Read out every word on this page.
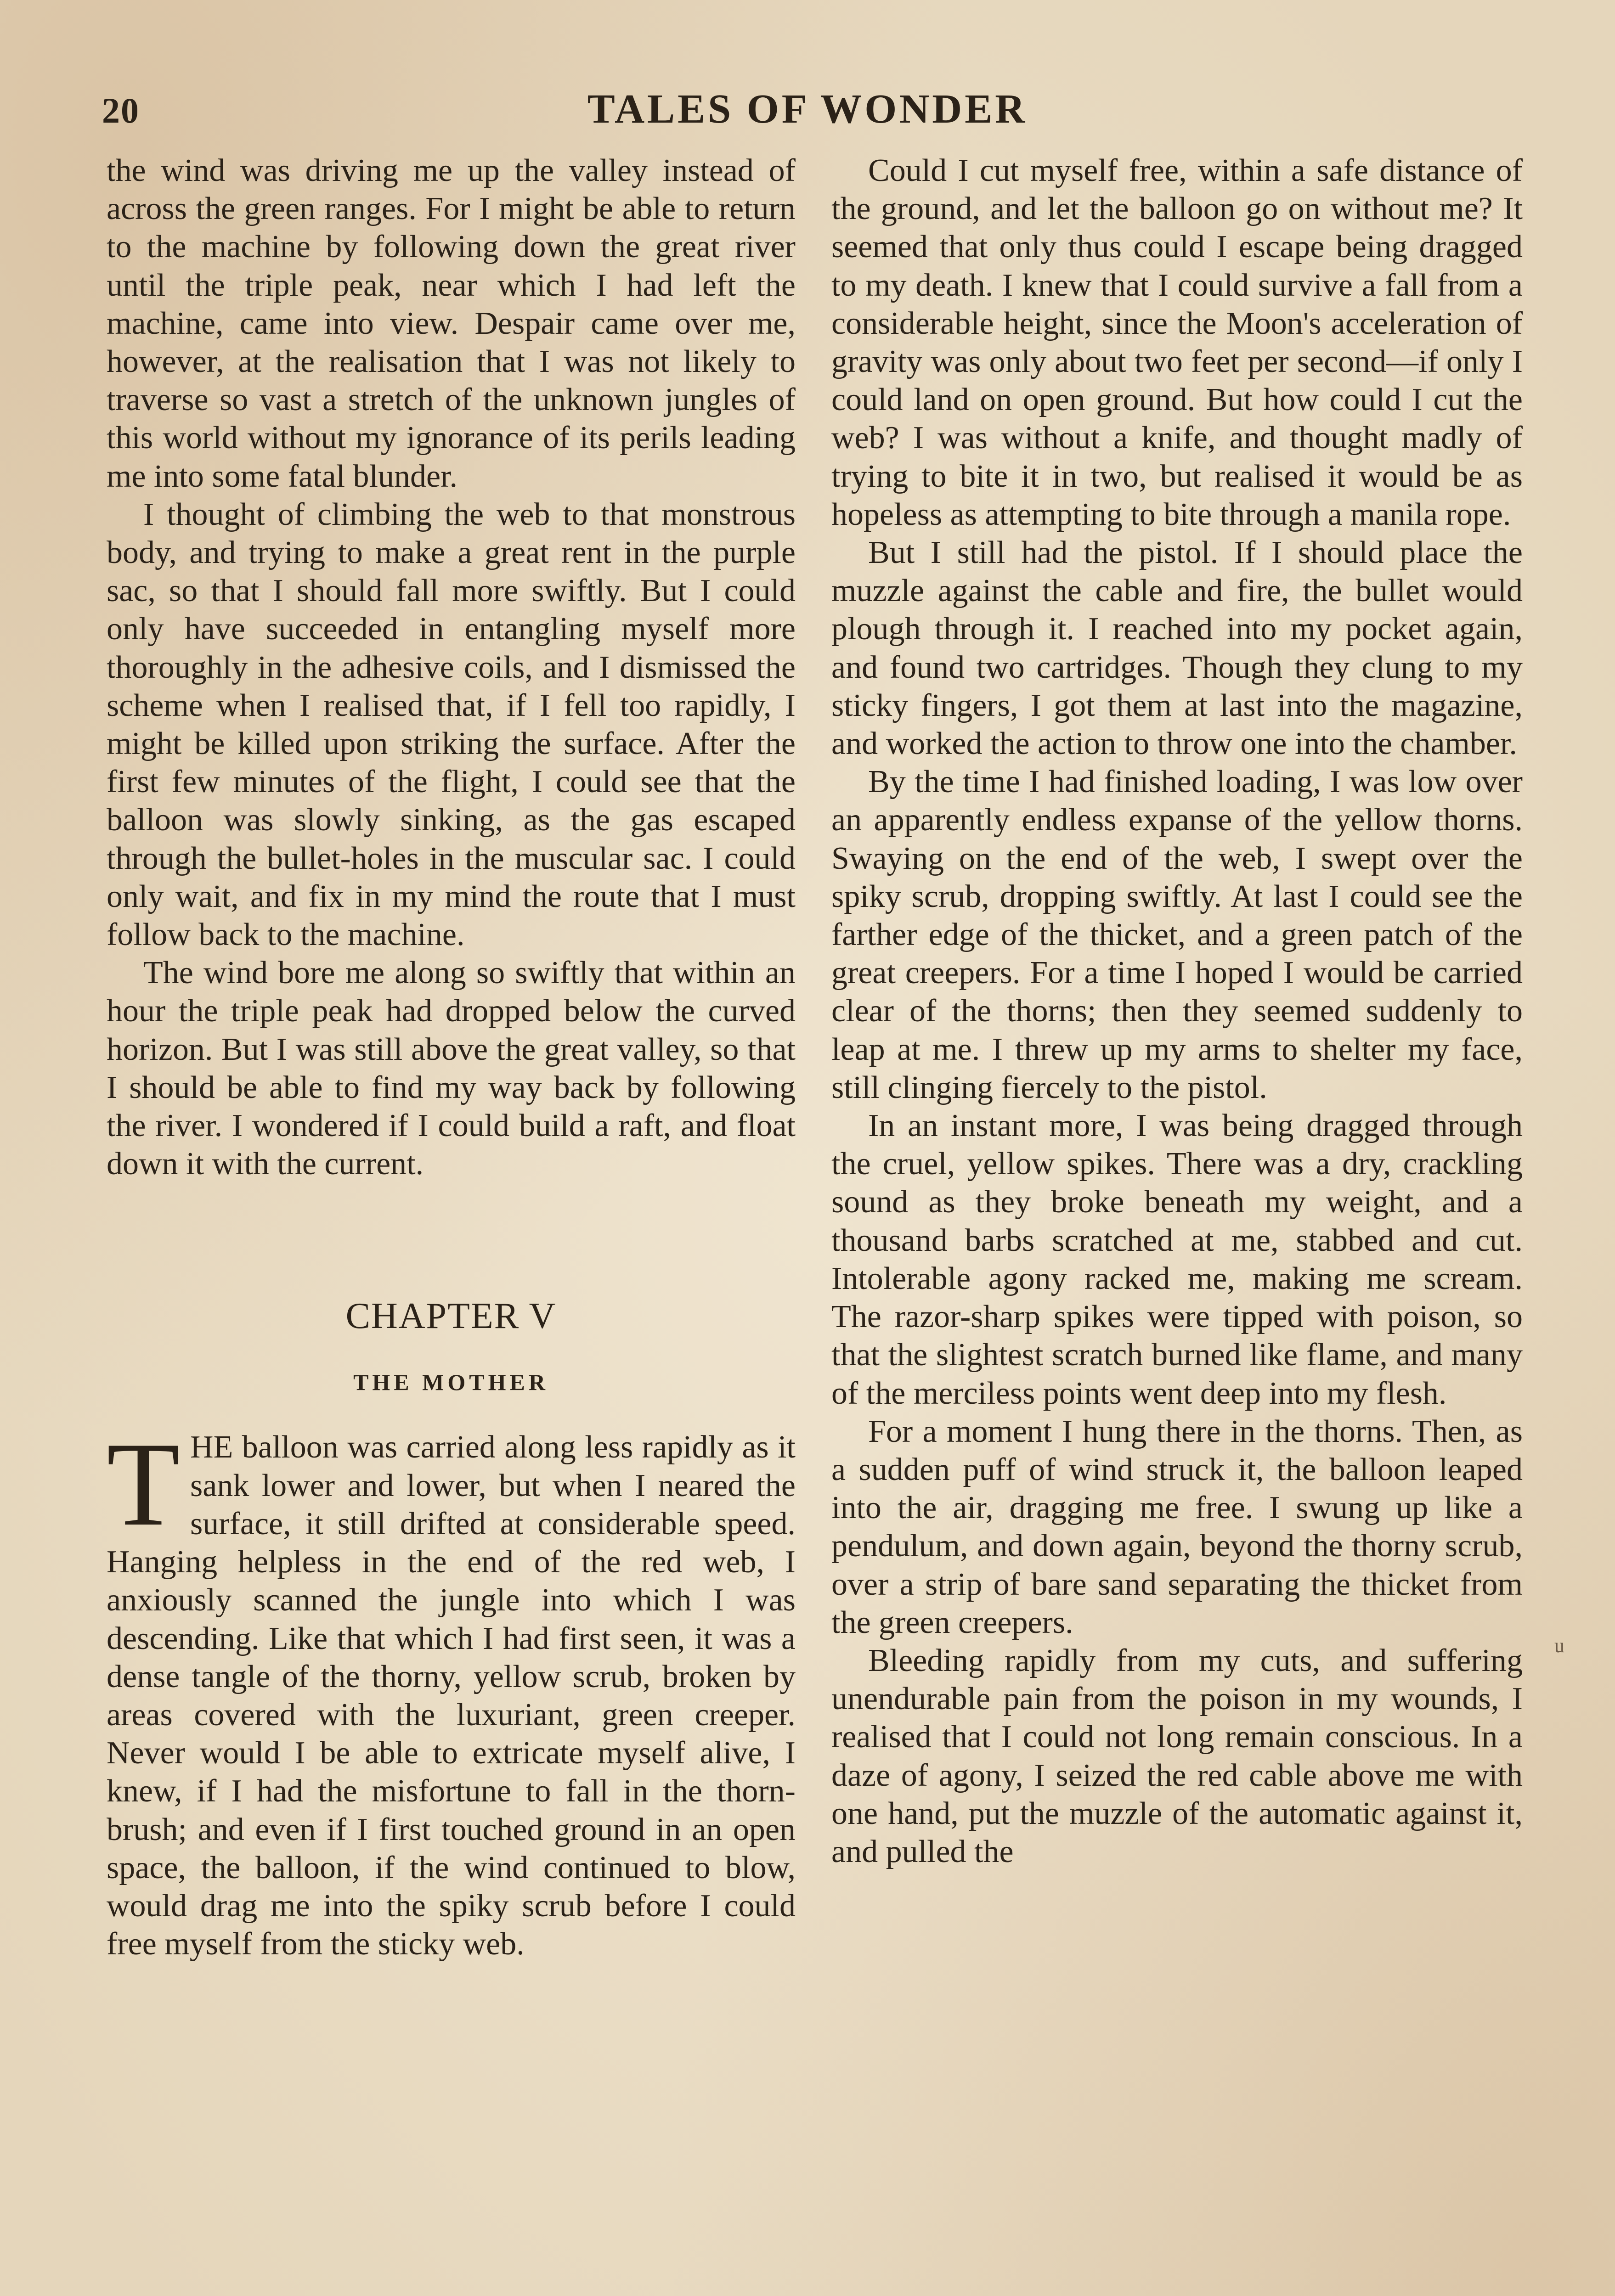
20	TALES OF WONDER

the wind was driving me up the valley instead of across the green ranges. For I might be able to return to the machine by following down the great river until the triple peak, near which I had left the machine, came into view. Despair came over me, however, at the realisation that I was not likely to traverse so vast a stretch of the unknown jungles of this world without my ignorance of its perils leading me into some fatal blunder.

I thought of climbing the web to that monstrous body, and trying to make a great rent in the purple sac, so that I should fall more swiftly. But I could only have succeeded in entangling myself more thoroughly in the adhesive coils, and I dismissed the scheme when I realised that, if I fell too rapidly, I might be killed upon striking the surface. After the first few minutes of the flight, I could see that the balloon was slowly sinking, as the gas escaped through the bullet-holes in the muscular sac. I could only wait, and fix in my mind the route that I must follow back to the machine.

The wind bore me along so swiftly that within an hour the triple peak had dropped below the curved horizon. But I was still above the great valley, so that I should be able to find my way back by following the river. I wondered if I could build a raft, and float down it with the current.

CHAPTER V
THE MOTHER

T HE balloon was carried along less rapidly as it sank lower and lower, but when I neared the surface, it still drifted at considerable speed. Hanging helpless in the end of the red web, I anxiously scanned the jungle into which I was descending. Like that which I had first seen, it was a dense tangle of the thorny, yellow scrub, broken by areas covered with the luxuriant, green creeper. Never would I be able to extricate myself alive, I knew, if I had the misfortune to fall in the thorn-brush; and even if I first touched ground in an open space, the balloon, if the wind continued to blow, would drag me into the spiky scrub before I could free myself from the sticky web.

Could I cut myself free, within a safe distance of the ground, and let the balloon go on without me? It seemed that only thus could I escape being dragged to my death. I knew that I could survive a fall from a considerable height, since the Moon's acceleration of gravity was only about two feet per second—if only I could land on open ground. But how could I cut the web? I was without a knife, and thought madly of trying to bite it in two, but realised it would be as hopeless as attempting to bite through a manila rope.

But I still had the pistol. If I should place the muzzle against the cable and fire, the bullet would plough through it. I reached into my pocket again, and found two cartridges. Though they clung to my sticky fingers, I got them at last into the magazine, and worked the action to throw one into the chamber.

By the time I had finished loading, I was low over an apparently endless expanse of the yellow thorns. Swaying on the end of the web, I swept over the spiky scrub, dropping swiftly. At last I could see the farther edge of the thicket, and a green patch of the great creepers. For a time I hoped I would be carried clear of the thorns; then they seemed suddenly to leap at me. I threw up my arms to shelter my face, still clinging fiercely to the pistol.

In an instant more, I was being dragged through the cruel, yellow spikes. There was a dry, crackling sound as they broke beneath my weight, and a thousand barbs scratched at me, stabbed and cut. Intolerable agony racked me, making me scream. The razor-sharp spikes were tipped with poison, so that the slightest scratch burned like flame, and many of the merciless points went deep into my flesh.

For a moment I hung there in the thorns. Then, as a sudden puff of wind struck it, the balloon leaped into the air, dragging me free. I swung up like a pendulum, and down again, beyond the thorny scrub, over a strip of bare sand separating the thicket from the green creepers.

Bleeding rapidly from my cuts, and suffering unendurable pain from the poison in my wounds, I realised that I could not long remain conscious. In a daze of agony, I seized the red cable above me with one hand, put the muzzle of the automatic against it, and pulled the

u
